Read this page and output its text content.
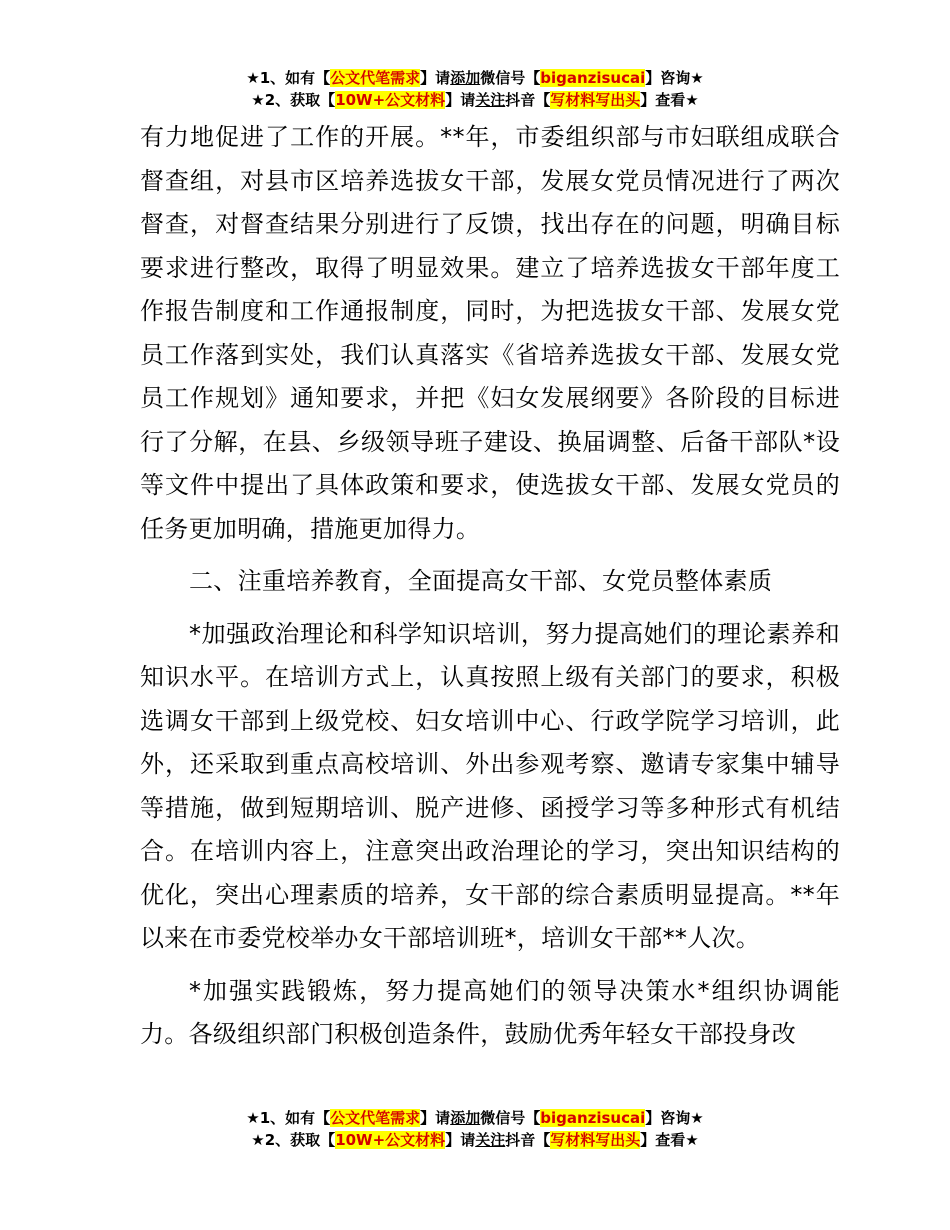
★1、如有【公文代笔需求】请添加微信号【biganzisucai】咨询★
★2、获取【10W+公文材料】请关注抖音【写材料写出头】查看★

有力地促进了工作的开展。**年，市委组织部与市妇联组成联合督查组，对县市区培养选拔女干部，发展女党员情况进行了两次督查，对督查结果分别进行了反馈，找出存在的问题，明确目标要求进行整改，取得了明显效果。建立了培养选拔女干部年度工作报告制度和工作通报制度，同时，为把选拔女干部、发展女党员工作落到实处，我们认真落实《省培养选拔女干部、发展女党员工作规划》通知要求，并把《妇女发展纲要》各阶段的目标进行了分解，在县、乡级领导班子建设、换届调整、后备干部队*设等文件中提出了具体政策和要求，使选拔女干部、发展女党员的任务更加明确，措施更加得力。

二、注重培养教育，全面提高女干部、女党员整体素质

*加强政治理论和科学知识培训，努力提高她们的理论素养和知识水平。在培训方式上，认真按照上级有关部门的要求，积极选调女干部到上级党校、妇女培训中心、行政学院学习培训，此外，还采取到重点高校培训、外出参观考察、邀请专家集中辅导等措施，做到短期培训、脱产进修、函授学习等多种形式有机结合。在培训内容上，注意突出政治理论的学习，突出知识结构的优化，突出心理素质的培养，女干部的综合素质明显提高。**年以来在市委党校举办女干部培训班*，培训女干部**人次。

*加强实践锻炼，努力提高她们的领导决策水*组织协调能力。各级组织部门积极创造条件，鼓励优秀年轻女干部投身改

★1、如有【公文代笔需求】请添加微信号【biganzisucai】咨询★
★2、获取【10W+公文材料】请关注抖音【写材料写出头】查看★
